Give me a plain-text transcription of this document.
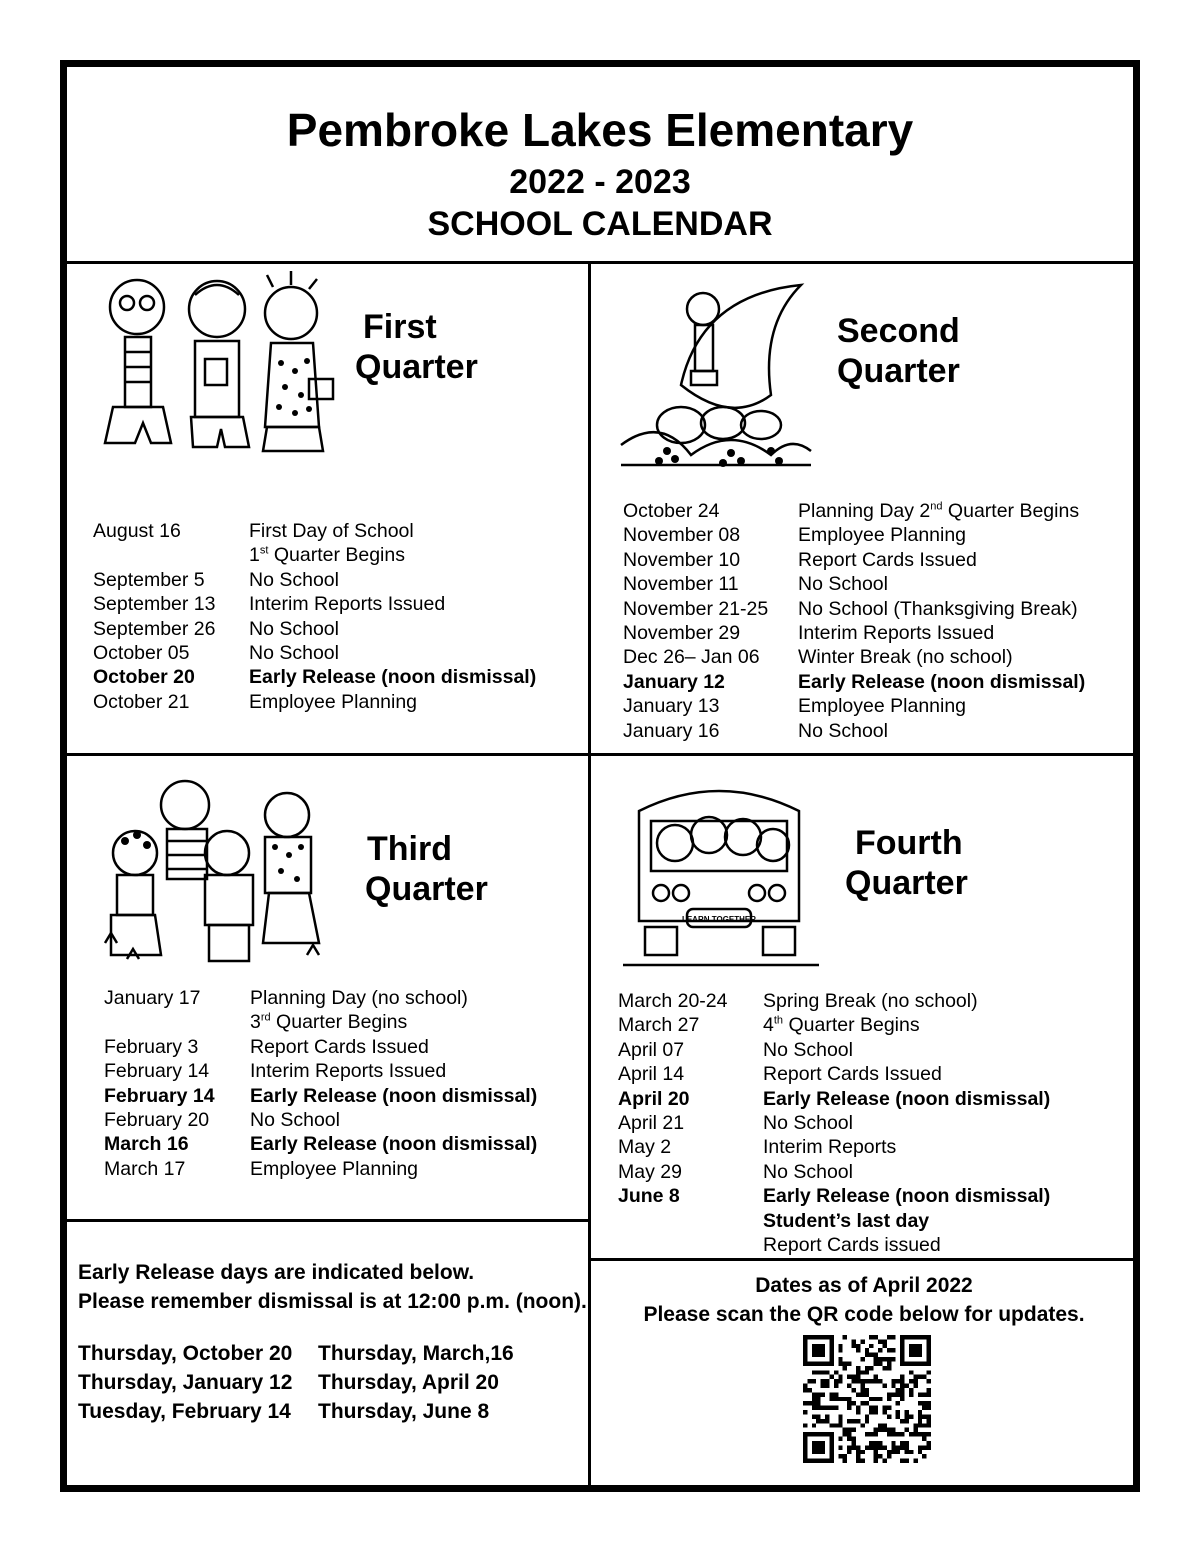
Pembroke Lakes Elementary
2022 - 2023
SCHOOL CALENDAR
First
Quarter
August 16	First Day of School
1st Quarter Begins
September 5 No School
September 13 Interim Reports Issued
September 26 No School
October 05	No School
October 20	Early Release (noon dismissal)
October 21	Employee Planning
Second
Quarter
October 24	Planning Day 2nd Quarter Begins
November 08	Employee Planning
November 10	Report Cards Issued
November 11	No School
November 21-25 No School (Thanksgiving Break)
November 29	Interim Reports Issued
Dec 26– Jan 06 Winter Break (no school)
January 12	Early Release (noon dismissal)
January 13	Employee Planning
January 16	No School
Third
Quarter
January 17	Planning Day (no school)
3rd Quarter Begins
February 3	Report Cards Issued
February 14 Interim Reports Issued
February 14 Early Release (noon dismissal)
February 20 No School
March 16	Early Release (noon dismissal)
March 17	Employee Planning
LEARN TOGETHER
Fourth
Quarter
March 20-24 Spring Break (no school)
March 27	4th Quarter Begins
April 07	No School
April 14	Report Cards Issued
April 20	Early Release (noon dismissal)
April 21	No School
May 2	Interim Reports
May 29	No School
June 8	Early Release (noon dismissal)
Student’s last day
Report Cards issued
Early Release days are indicated below.
Please remember dismissal is at 12:00 p.m. (noon).
Thursday, October 20
Thursday, January 12
Tuesday, February 14
Thursday, March,16
Thursday, April 20
Thursday, June 8
Dates as of April 2022
Please scan the QR code below for updates.
